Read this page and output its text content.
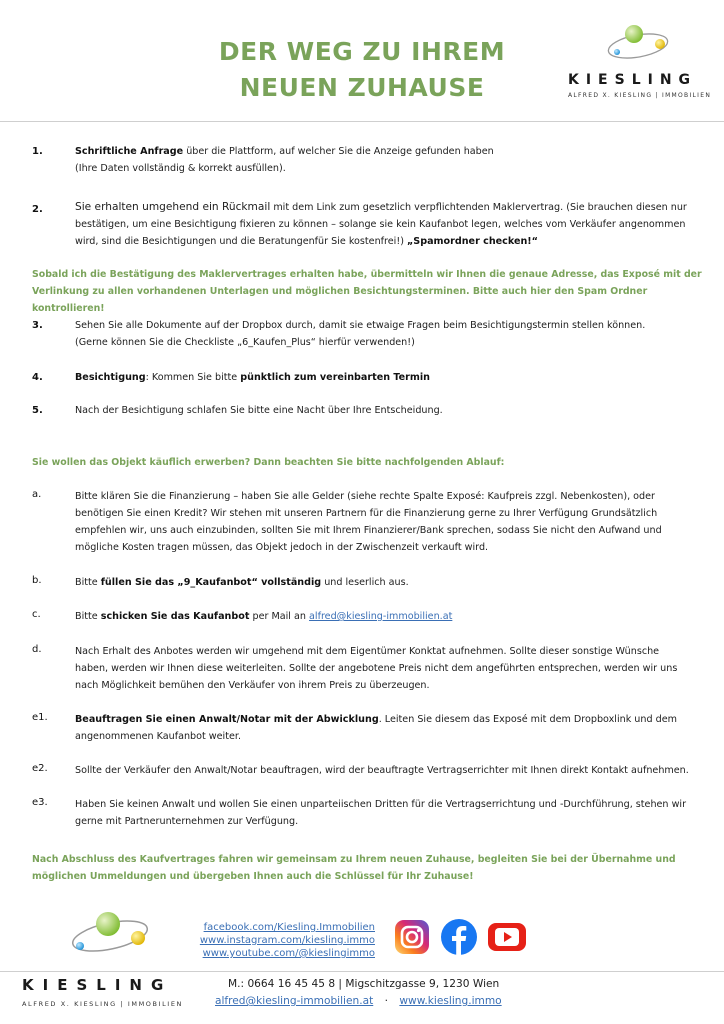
DER WEG ZU IHREM
NEUEN ZUHAUSE	KIESLING
ALFRED X. KIESLING | IMMOBILIEN
1.	Schriftliche Anfrage über die Plattform, auf welcher Sie die Anzeige gefunden haben
(Ihre Daten vollständig & korrekt ausfüllen).
2.	Sie erhalten umgehend ein Rückmail mit dem Link zum gesetzlich verpflichtenden Maklervertrag. (Sie brauchen diesen nur bestätigen, um eine Besichtigung fixieren zu können – solange sie kein Kaufanbot legen, welches vom Verkäufer angenommen wird, sind die Besichtigungen und die Beratungenfür Sie kostenfrei!) „Spamordner checken!“
Sobald ich die Bestätigung des Maklervertrages erhalten habe, übermitteln wir Ihnen die genaue Adresse, das Exposé mit der Verlinkung zu allen vorhandenen Unterlagen und möglichen Besichtungsterminen. Bitte auch hier den Spam Ordner kontrollieren!
3.	Sehen Sie alle Dokumente auf der Dropbox durch, damit sie etwaige Fragen beim Besichtigungstermin stellen können.
(Gerne können Sie die Checkliste „6_Kaufen_Plus“ hierfür verwenden!)
4.	Besichtigung: Kommen Sie bitte pünktlich zum vereinbarten Termin
5.	Nach der Besichtigung schlafen Sie bitte eine Nacht über Ihre Entscheidung.
Sie wollen das Objekt käuflich erwerben? Dann beachten Sie bitte nachfolgenden Ablauf:
a.	Bitte klären Sie die Finanzierung – haben Sie alle Gelder (siehe rechte Spalte Exposé: Kaufpreis zzgl. Nebenkosten), oder benötigen Sie einen Kredit? Wir stehen mit unseren Partnern für die Finanzierung gerne zu Ihrer Verfügung Grundsätzlich empfehlen wir, uns auch einzubinden, sollten Sie mit Ihrem Finanzierer/Bank sprechen, sodass Sie nicht den Aufwand und mögliche Kosten tragen müssen, das Objekt jedoch in der Zwischenzeit verkauft wird.
b.	Bitte füllen Sie das „9_Kaufanbot“ vollständig und leserlich aus.
c.	Bitte schicken Sie das Kaufanbot per Mail an alfred@kiesling-immobilien.at
d.	Nach Erhalt des Anbotes werden wir umgehend mit dem Eigentümer Konktat aufnehmen. Sollte dieser sonstige Wünsche haben, werden wir Ihnen diese weiterleiten. Sollte der angebotene Preis nicht dem angeführten entsprechen, werden wir uns nach Möglichkeit bemühen den Verkäufer von ihrem Preis zu überzeugen.
e1.	Beauftragen Sie einen Anwalt/Notar mit der Abwicklung. Leiten Sie diesem das Exposé mit dem Dropboxlink und dem angenommenen Kaufanbot weiter.
e2.	Sollte der Verkäufer den Anwalt/Notar beauftragen, wird der beauftragte Vertragserrichter mit Ihnen direkt Kontakt aufnehmen.
e3.	Haben Sie keinen Anwalt und wollen Sie einen unparteiischen Dritten für die Vertragserrichtung und -Durchführung, stehen wir gerne mit Partnerunternehmen zur Verfügung.
Nach Abschluss des Kaufvertrages fahren wir gemeinsam zu Ihrem neuen Zuhause, begleiten Sie bei der Übernahme und möglichen Ummeldungen und übergeben Ihnen auch die Schlüssel für Ihr Zuhause!
facebook.com/Kiesling.Immobilien
www.instagram.com/kiesling.immo
www.youtube.com/@kieslingimmo
KIESLING
ALFRED X. KIESLING | IMMOBILIEN
M.: 0664 16 45 45 8 | Migschitzgasse 9, 1230 Wien
alfred@kiesling-immobilien.at · www.kiesling.immo
